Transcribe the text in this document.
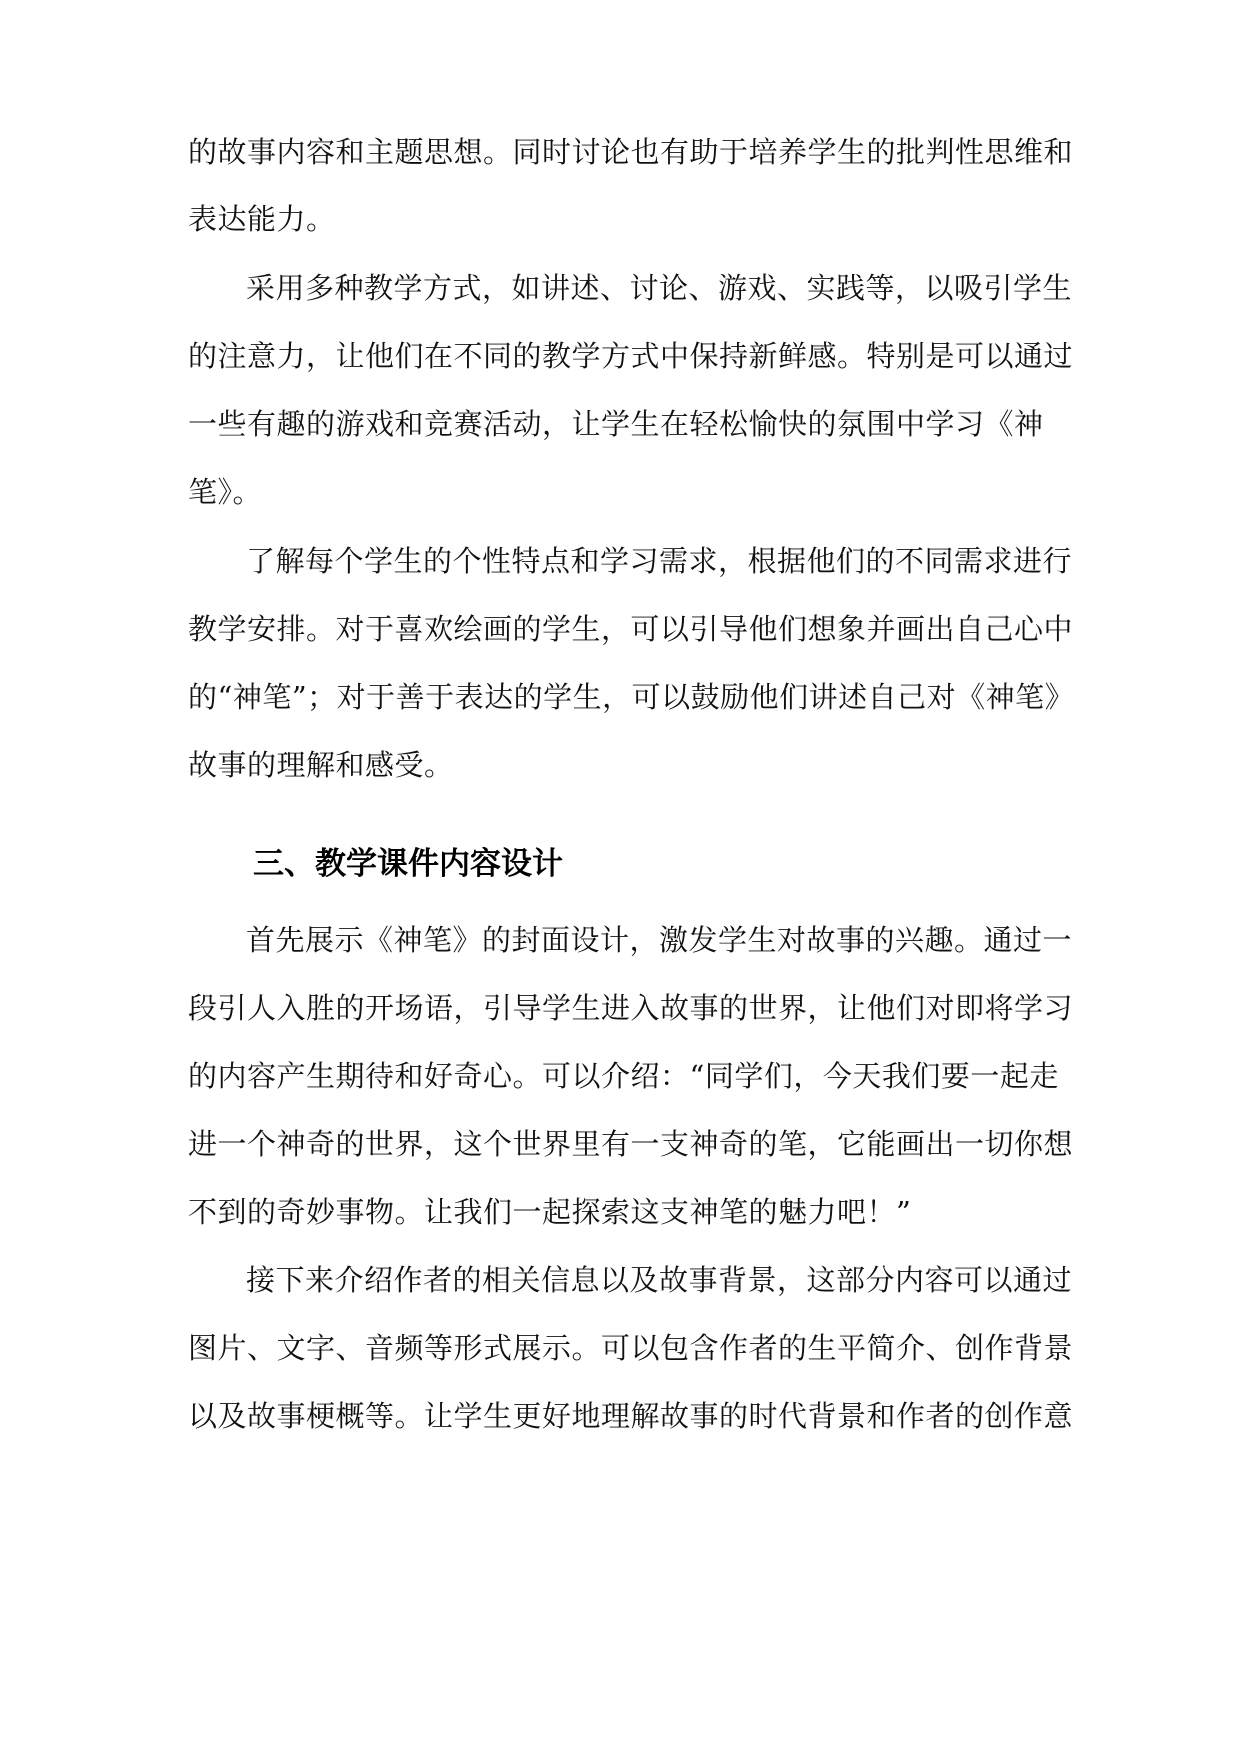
的故事内容和主题思想。同时讨论也有助于培养学生的批判性思维和
表达能力。
采用多种教学方式，如讲述、讨论、游戏、实践等，以吸引学生
的注意力，让他们在不同的教学方式中保持新鲜感。特别是可以通过
一些有趣的游戏和竞赛活动，让学生在轻松愉快的氛围中学习《神
笔》。
了解每个学生的个性特点和学习需求，根据他们的不同需求进行
教学安排。对于喜欢绘画的学生，可以引导他们想象并画出自己心中
的“神笔”；对于善于表达的学生，可以鼓励他们讲述自己对《神笔》
故事的理解和感受。
三、教学课件内容设计
首先展示《神笔》的封面设计，激发学生对故事的兴趣。通过一
段引人入胜的开场语，引导学生进入故事的世界，让他们对即将学习
的内容产生期待和好奇心。可以介绍：“同学们，今天我们要一起走
进一个神奇的世界，这个世界里有一支神奇的笔，它能画出一切你想
不到的奇妙事物。让我们一起探索这支神笔的魅力吧！”
接下来介绍作者的相关信息以及故事背景，这部分内容可以通过
图片、文字、音频等形式展示。可以包含作者的生平简介、创作背景
以及故事梗概等。让学生更好地理解故事的时代背景和作者的创作意
